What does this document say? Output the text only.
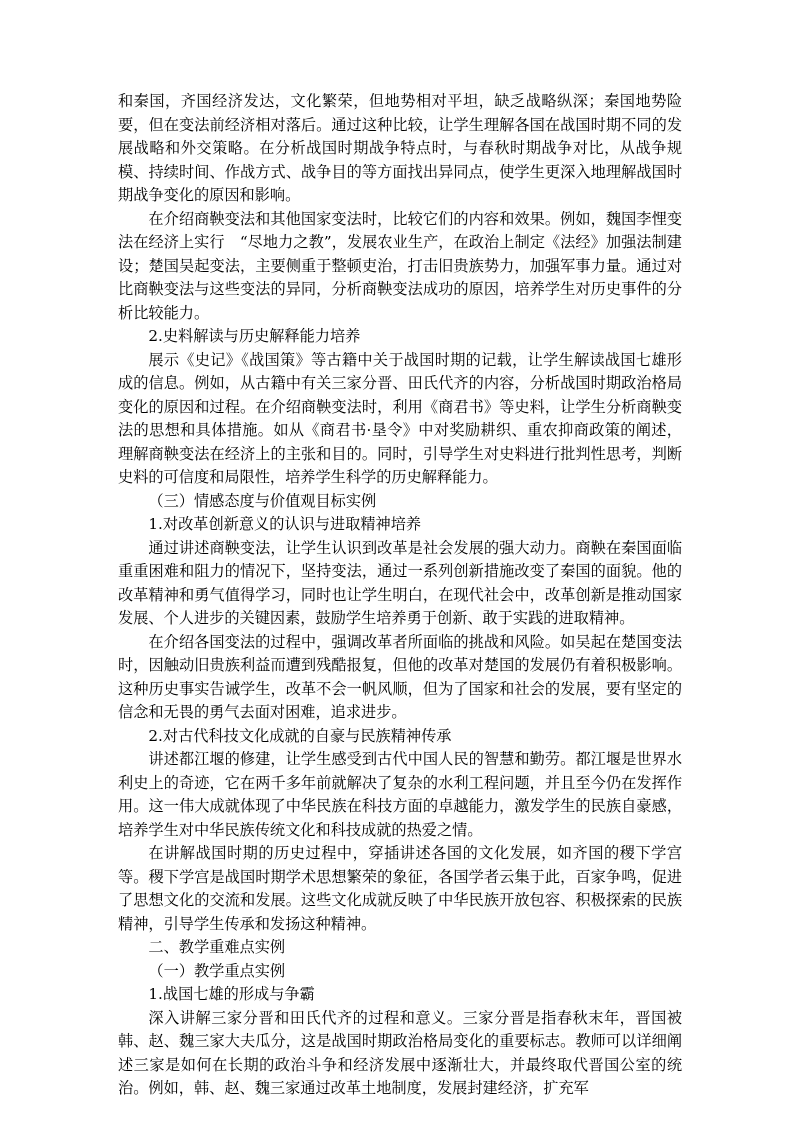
和秦国，齐国经济发达，文化繁荣，但地势相对平坦，缺乏战略纵深；秦国地势险要，但在变法前经济相对落后。通过这种比较，让学生理解各国在战国时期不同的发展战略和外交策略。在分析战国时期战争特点时，与春秋时期战争对比，从战争规模、持续时间、作战方式、战争目的等方面找出异同点，使学生更深入地理解战国时期战争变化的原因和影响。

在介绍商鞅变法和其他国家变法时，比较它们的内容和效果。例如，魏国李悝变法在经济上实行　“尽地力之教”，发展农业生产，在政治上制定《法经》加强法制建设；楚国吴起变法，主要侧重于整顿吏治，打击旧贵族势力，加强军事力量。通过对比商鞅变法与这些变法的异同，分析商鞅变法成功的原因，培养学生对历史事件的分析比较能力。

2.史料解读与历史解释能力培养

展示《史记》《战国策》等古籍中关于战国时期的记载，让学生解读战国七雄形成的信息。例如，从古籍中有关三家分晋、田氏代齐的内容，分析战国时期政治格局变化的原因和过程。在介绍商鞅变法时，利用《商君书》等史料，让学生分析商鞅变法的思想和具体措施。如从《商君书·垦令》中对奖励耕织、重农抑商政策的阐述，理解商鞅变法在经济上的主张和目的。同时，引导学生对史料进行批判性思考，判断史料的可信度和局限性，培养学生科学的历史解释能力。

（三）情感态度与价值观目标实例

1.对改革创新意义的认识与进取精神培养

通过讲述商鞅变法，让学生认识到改革是社会发展的强大动力。商鞅在秦国面临重重困难和阻力的情况下，坚持变法，通过一系列创新措施改变了秦国的面貌。他的改革精神和勇气值得学习，同时也让学生明白，在现代社会中，改革创新是推动国家发展、个人进步的关键因素，鼓励学生培养勇于创新、敢于实践的进取精神。

在介绍各国变法的过程中，强调改革者所面临的挑战和风险。如吴起在楚国变法时，因触动旧贵族利益而遭到残酷报复，但他的改革对楚国的发展仍有着积极影响。这种历史事实告诫学生，改革不会一帆风顺，但为了国家和社会的发展，要有坚定的信念和无畏的勇气去面对困难，追求进步。

2.对古代科技文化成就的自豪与民族精神传承

讲述都江堰的修建，让学生感受到古代中国人民的智慧和勤劳。都江堰是世界水利史上的奇迹，它在两千多年前就解决了复杂的水利工程问题，并且至今仍在发挥作用。这一伟大成就体现了中华民族在科技方面的卓越能力，激发学生的民族自豪感，培养学生对中华民族传统文化和科技成就的热爱之情。

在讲解战国时期的历史过程中，穿插讲述各国的文化发展，如齐国的稷下学宫等。稷下学宫是战国时期学术思想繁荣的象征，各国学者云集于此，百家争鸣，促进了思想文化的交流和发展。这些文化成就反映了中华民族开放包容、积极探索的民族精神，引导学生传承和发扬这种精神。

二、教学重难点实例

（一）教学重点实例

1.战国七雄的形成与争霸

深入讲解三家分晋和田氏代齐的过程和意义。三家分晋是指春秋末年，晋国被韩、赵、魏三家大夫瓜分，这是战国时期政治格局变化的重要标志。教师可以详细阐述三家是如何在长期的政治斗争和经济发展中逐渐壮大，并最终取代晋国公室的统治。例如，韩、赵、魏三家通过改革土地制度，发展封建经济，扩充军
